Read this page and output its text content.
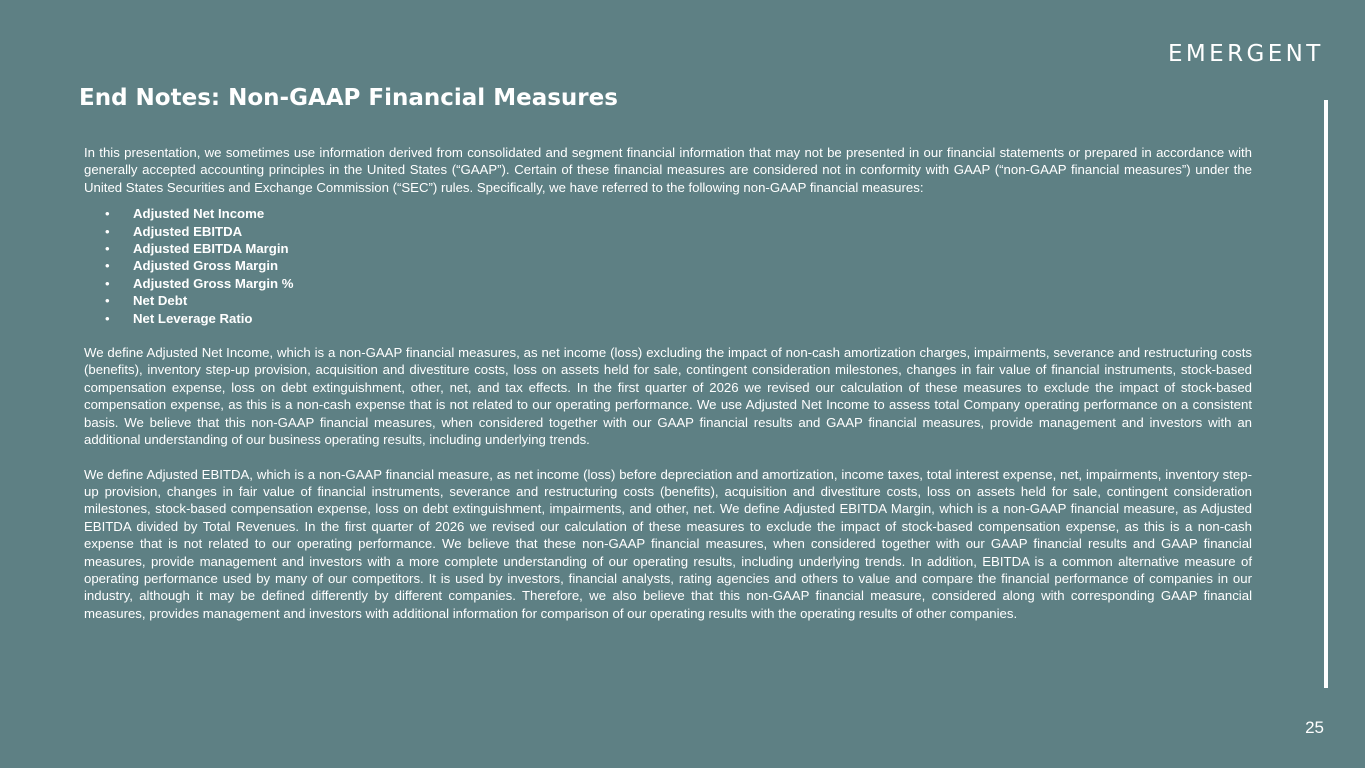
EMERGENT
End Notes: Non-GAAP Financial Measures

In this presentation, we sometimes use information derived from consolidated and segment financial information that may not be presented in our financial statements or prepared in accordance with generally accepted accounting principles in the United States (“GAAP”). Certain of these financial measures are considered not in conformity with GAAP (“non-GAAP financial measures”) under the United States Securities and Exchange Commission (“SEC”) rules. Specifically, we have referred to the following non-GAAP financial measures:

• Adjusted Net Income
• Adjusted EBITDA
• Adjusted EBITDA Margin
• Adjusted Gross Margin
• Adjusted Gross Margin %
• Net Debt
• Net Leverage Ratio

We define Adjusted Net Income, which is a non-GAAP financial measures, as net income (loss) excluding the impact of non-cash amortization charges, impairments, severance and restructuring costs (benefits), inventory step-up provision, acquisition and divestiture costs, loss on assets held for sale, contingent consideration milestones, changes in fair value of financial instruments, stock-based compensation expense, loss on debt extinguishment, other, net, and tax effects. In the first quarter of 2026 we revised our calculation of these measures to exclude the impact of stock-based compensation expense, as this is a non-cash expense that is not related to our operating performance. We use Adjusted Net Income to assess total Company operating performance on a consistent basis. We believe that this non-GAAP financial measures, when considered together with our GAAP financial results and GAAP financial measures, provide management and investors with an additional understanding of our business operating results, including underlying trends.

We define Adjusted EBITDA, which is a non-GAAP financial measure, as net income (loss) before depreciation and amortization, income taxes, total interest expense, net, impairments, inventory step-up provision, changes in fair value of financial instruments, severance and restructuring costs (benefits), acquisition and divestiture costs, loss on assets held for sale, contingent consideration milestones, stock-based compensation expense, loss on debt extinguishment, impairments, and other, net. We define Adjusted EBITDA Margin, which is a non-GAAP financial measure, as Adjusted EBITDA divided by Total Revenues. In the first quarter of 2026 we revised our calculation of these measures to exclude the impact of stock-based compensation expense, as this is a non-cash expense that is not related to our operating performance. We believe that these non-GAAP financial measures, when considered together with our GAAP financial results and GAAP financial measures, provide management and investors with a more complete understanding of our operating results, including underlying trends. In addition, EBITDA is a common alternative measure of operating performance used by many of our competitors. It is used by investors, financial analysts, rating agencies and others to value and compare the financial performance of companies in our industry, although it may be defined differently by different companies. Therefore, we also believe that this non-GAAP financial measure, considered along with corresponding GAAP financial measures, provides management and investors with additional information for comparison of our operating results with the operating results of other companies.

25
